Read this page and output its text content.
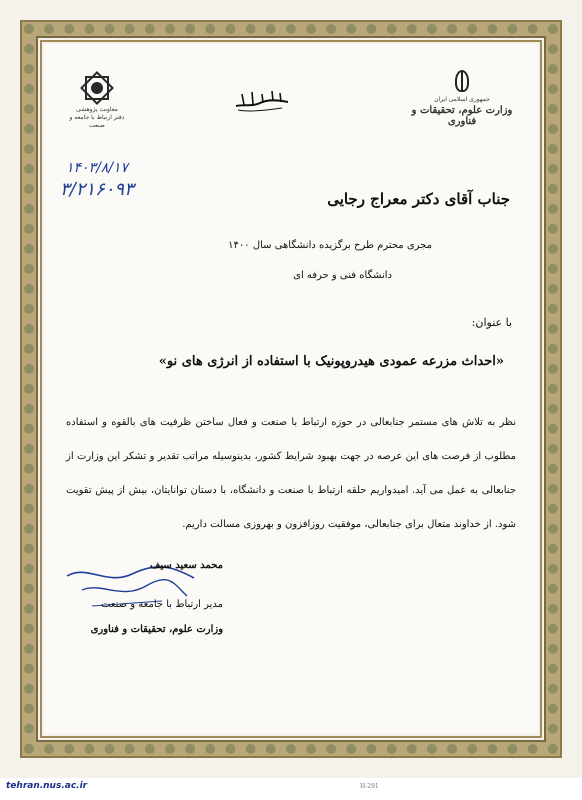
جمهوری اسلامی ایران
وزارت علوم، تحقیقات و فناوری
معاونت پژوهشی
دفتر ارتباط با جامعه و صنعت
۱۴۰۳/۸/۱۷
۳/۲۱۶۰۹۳	جناب آقای دکتر معراج رجایی
مجری محترم طرح برگزیده دانشگاهی سال ۱۴۰۰
دانشگاه فنی و حرفه ای
با عنوان:
«احداث مزرعه عمودی هیدروپونیک با استفاده از انرژی های نو»
نظر به تلاش های مستمر جنابعالی در حوزه ارتباط با صنعت و فعال ساختن ظرفیت های بالقوه و استفاده مطلوب از فرصت های این عرصه در جهت بهبود شرایط کشور، بدینوسیله مراتب تقدیر و تشکر این وزارت از جنابعالی به عمل می آید. امیدواریم حلقه ارتباط با صنعت و دانشگاه، با دستان توانایتان، بیش از پیش تقویت شود. از خداوند متعال برای جنابعالی، موفقیت روزافزون و بهروزی مسالت داریم.
محمد سعید سیف
مدیر ارتباط با جامعه و صنعت
وزارت علوم، تحقیقات و فناوری
tehran.nus.ac.ir	H-291
